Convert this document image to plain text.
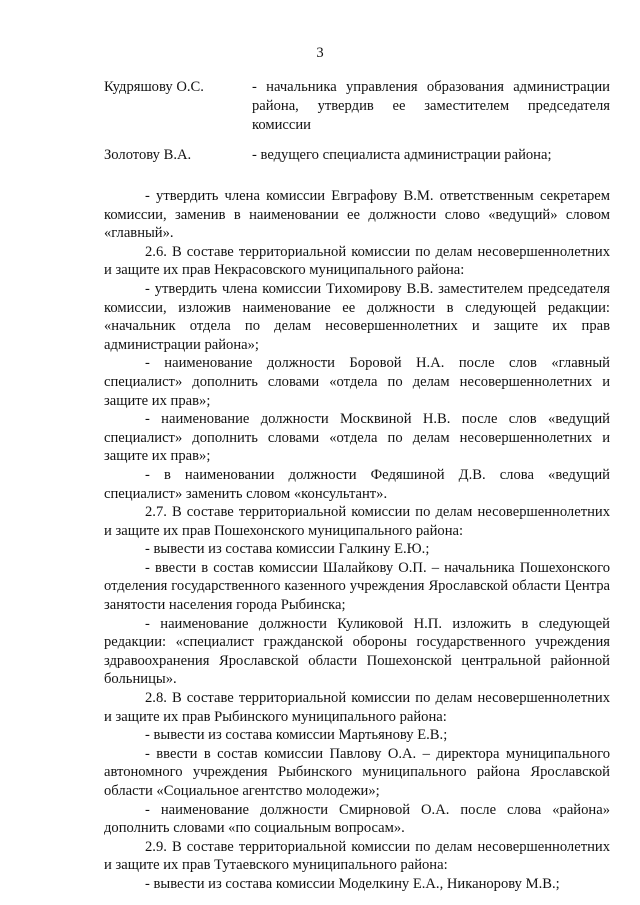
3
Кудряшову О.С.	- начальника управления образования администрации района, утвердив ее заместителем председателя комиссии
Золотову В.А.	- ведущего специалиста администрации района;

- утвердить члена комиссии Евграфову В.М. ответственным секретарем комиссии, заменив в наименовании ее должности слово «ведущий» словом «главный».

2.6. В составе территориальной комиссии по делам несовершеннолетних и защите их прав Некрасовского муниципального района:

- утвердить члена комиссии Тихомирову В.В. заместителем председателя комиссии, изложив наименование ее должности в следующей редакции: «начальник отдела по делам несовершеннолетних и защите их прав администрации района»;

- наименование должности Боровой Н.А. после слов «главный специалист» дополнить словами «отдела по делам несовершеннолетних и защите их прав»;

- наименование должности Москвиной Н.В. после слов «ведущий специалист» дополнить словами «отдела по делам несовершеннолетних и защите их прав»;

- в наименовании должности Федяшиной Д.В. слова «ведущий специалист» заменить словом «консультант».

2.7. В составе территориальной комиссии по делам несовершеннолетних и защите их прав Пошехонского муниципального района:

- вывести из состава комиссии Галкину Е.Ю.;

- ввести в состав комиссии Шалайкову О.П. – начальника Пошехонского отделения государственного казенного учреждения Ярославской области Центра занятости населения города Рыбинска;

- наименование должности Куликовой Н.П. изложить в следующей редакции: «специалист гражданской обороны государственного учреждения здравоохранения Ярославской области Пошехонской центральной районной больницы».

2.8. В составе территориальной комиссии по делам несовершеннолетних и защите их прав Рыбинского муниципального района:

- вывести из состава комиссии Мартьянову Е.В.;

- ввести в состав комиссии Павлову О.А. – директора муниципального автономного учреждения Рыбинского муниципального района Ярославской области «Социальное агентство молодежи»;

- наименование должности Смирновой О.А. после слова «района» дополнить словами «по социальным вопросам».

2.9. В составе территориальной комиссии по делам несовершеннолетних и защите их прав Тутаевского муниципального района:

- вывести из состава комиссии Моделкину Е.А., Никанорову М.В.;
